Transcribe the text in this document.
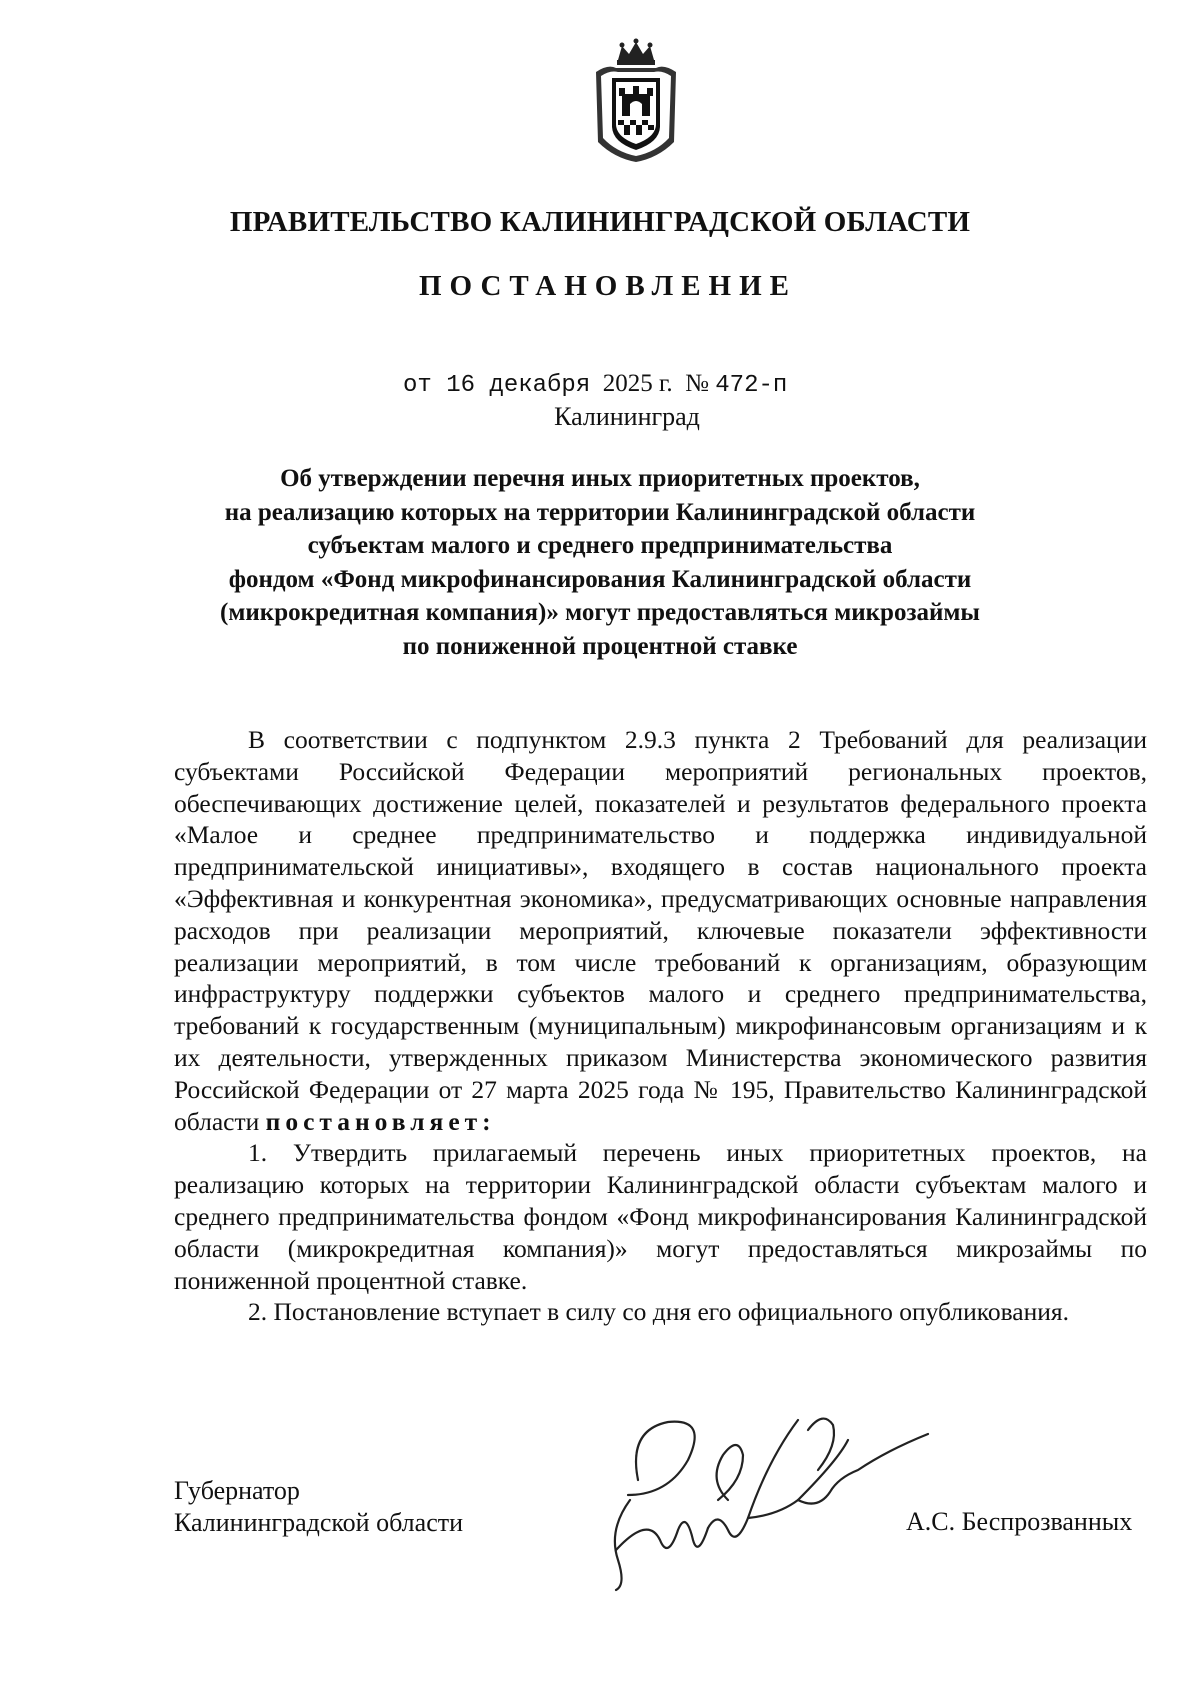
ПРАВИТЕЛЬСТВО КАЛИНИНГРАДСКОЙ ОБЛАСТИ
ПОСТАНОВЛЕНИЕ
от 16 декабря 2025 г. № 472-п
Калининград
Об утверждении перечня иных приоритетных проектов,
на реализацию которых на территории Калининградской области
субъектам малого и среднего предпринимательства
фондом «Фонд микрофинансирования Калининградской области
(микрокредитная компания)» могут предоставляться микрозаймы
по пониженной процентной ставке

В соответствии с подпунктом 2.9.3 пункта 2 Требований для реализации субъектами Российской Федерации мероприятий региональных проектов, обеспечивающих достижение целей, показателей и результатов федерального проекта «Малое и среднее предпринимательство и поддержка индивидуальной предпринимательской инициативы», входящего в состав национального проекта «Эффективная и конкурентная экономика», предусматривающих основные направления расходов при реализации мероприятий, ключевые показатели эффективности реализации мероприятий, в том числе требований к организациям, образующим инфраструктуру поддержки субъектов малого и среднего предпринимательства, требований к государственным (муниципальным) микрофинансовым организациям и к их деятельности, утвержденных приказом Министерства экономического развития Российской Федерации от 27 марта 2025 года № 195, Правительство Калининградской области постановляет:

1. Утвердить прилагаемый перечень иных приоритетных проектов, на реализацию которых на территории Калининградской области субъектам малого и среднего предпринимательства фондом «Фонд микрофинансирования Калининградской области (микрокредитная компания)» могут предоставляться микрозаймы по пониженной процентной ставке.

2. Постановление вступает в силу со дня его официального опубликования.

Губернатор
Калининградской области	А.С. Беспрозванных
